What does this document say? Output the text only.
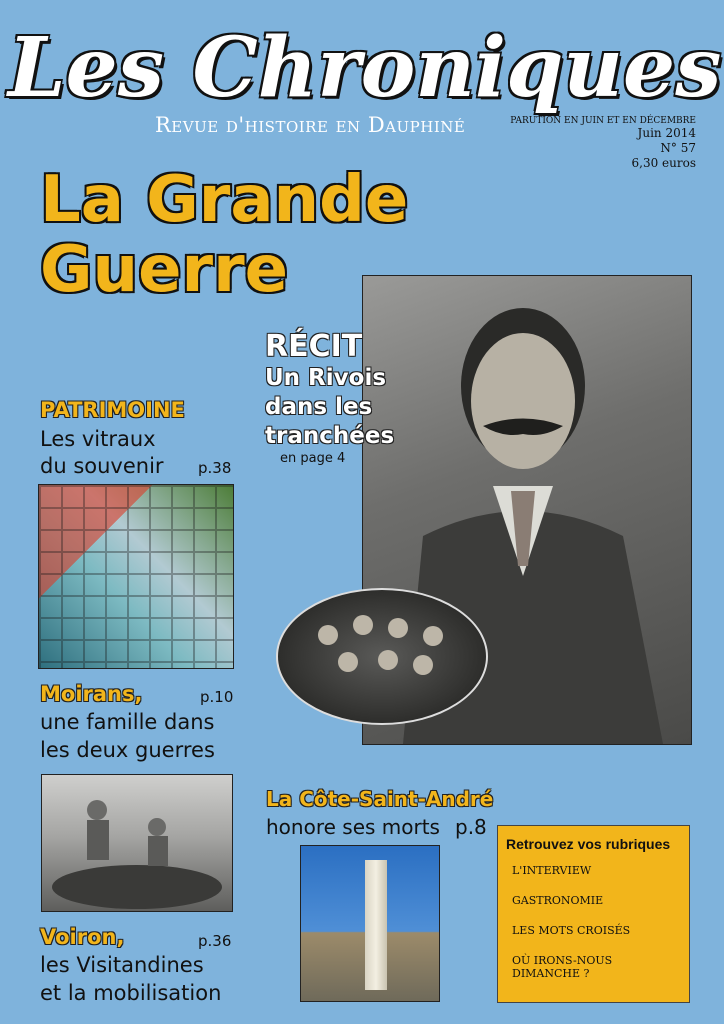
Les Chroniques
Revue d'histoire en Dauphiné	PARUTION EN JUIN ET EN DÉCEMBRE
Juin 2014
N° 57
6,30 euros
La Grande
Guerre
RÉCIT
Un Rivois
dans les
tranchées
en page 4
PATRIMOINE
Les vitraux
du souvenir p.38
Moirans,	p.10
une famille dans
les deux guerres
La Côte-Saint-André
honore ses morts p.8
Voiron,	p.36
les Visitandines
et la mobilisation
Retrouvez vos rubriques
L'INTERVIEW
GASTRONOMIE
LES MOTS CROISÉS
OÙ IRONS-NOUS DIMANCHE ?
